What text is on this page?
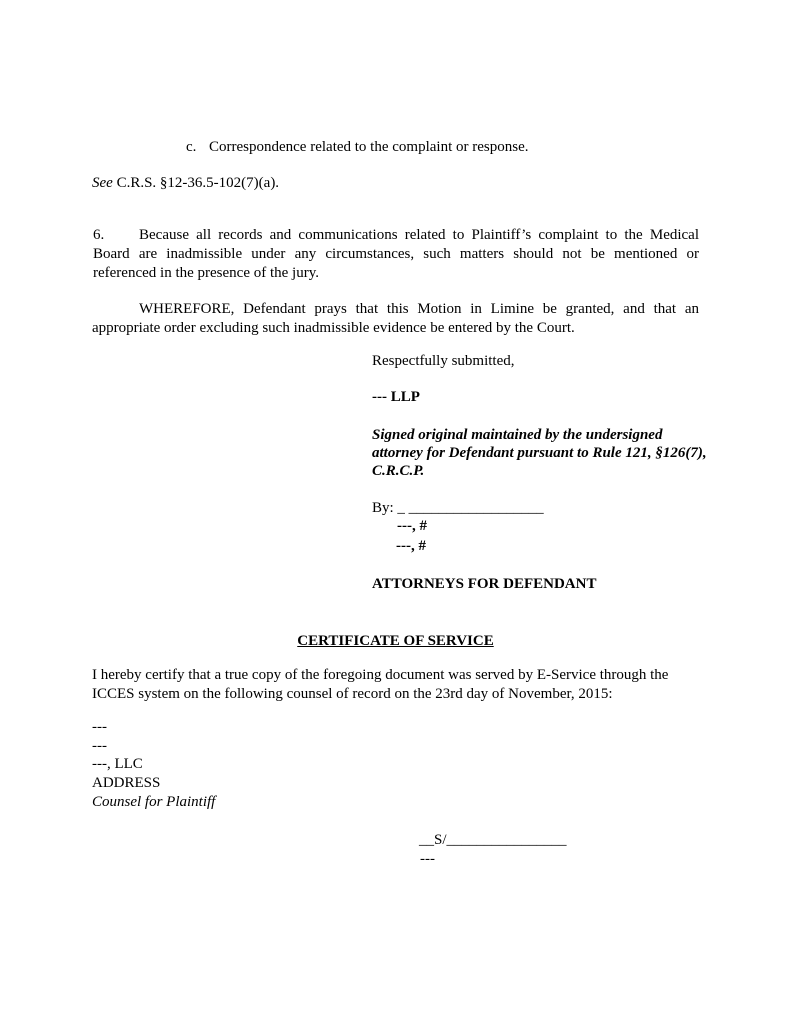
c. Correspondence related to the complaint or response.
See C.R.S. §12-36.5-102(7)(a).
6. Because all records and communications related to Plaintiff’s complaint to the Medical Board are inadmissible under any circumstances, such matters should not be mentioned or referenced in the presence of the jury.
WHEREFORE, Defendant prays that this Motion in Limine be granted, and that an appropriate order excluding such inadmissible evidence be entered by the Court.
Respectfully submitted,
--- LLP
Signed original maintained by the undersigned
attorney for Defendant pursuant to Rule 121, §126(7),
C.R.C.P.
By: _ __________________
---, #
---, #
ATTORNEYS FOR DEFENDANT
CERTIFICATE OF SERVICE
I hereby certify that a true copy of the foregoing document was served by E-Service through the ICCES system on the following counsel of record on the 23rd day of November, 2015:
---
---
---, LLC
ADDRESS
Counsel for Plaintiff
__S/________________
---
